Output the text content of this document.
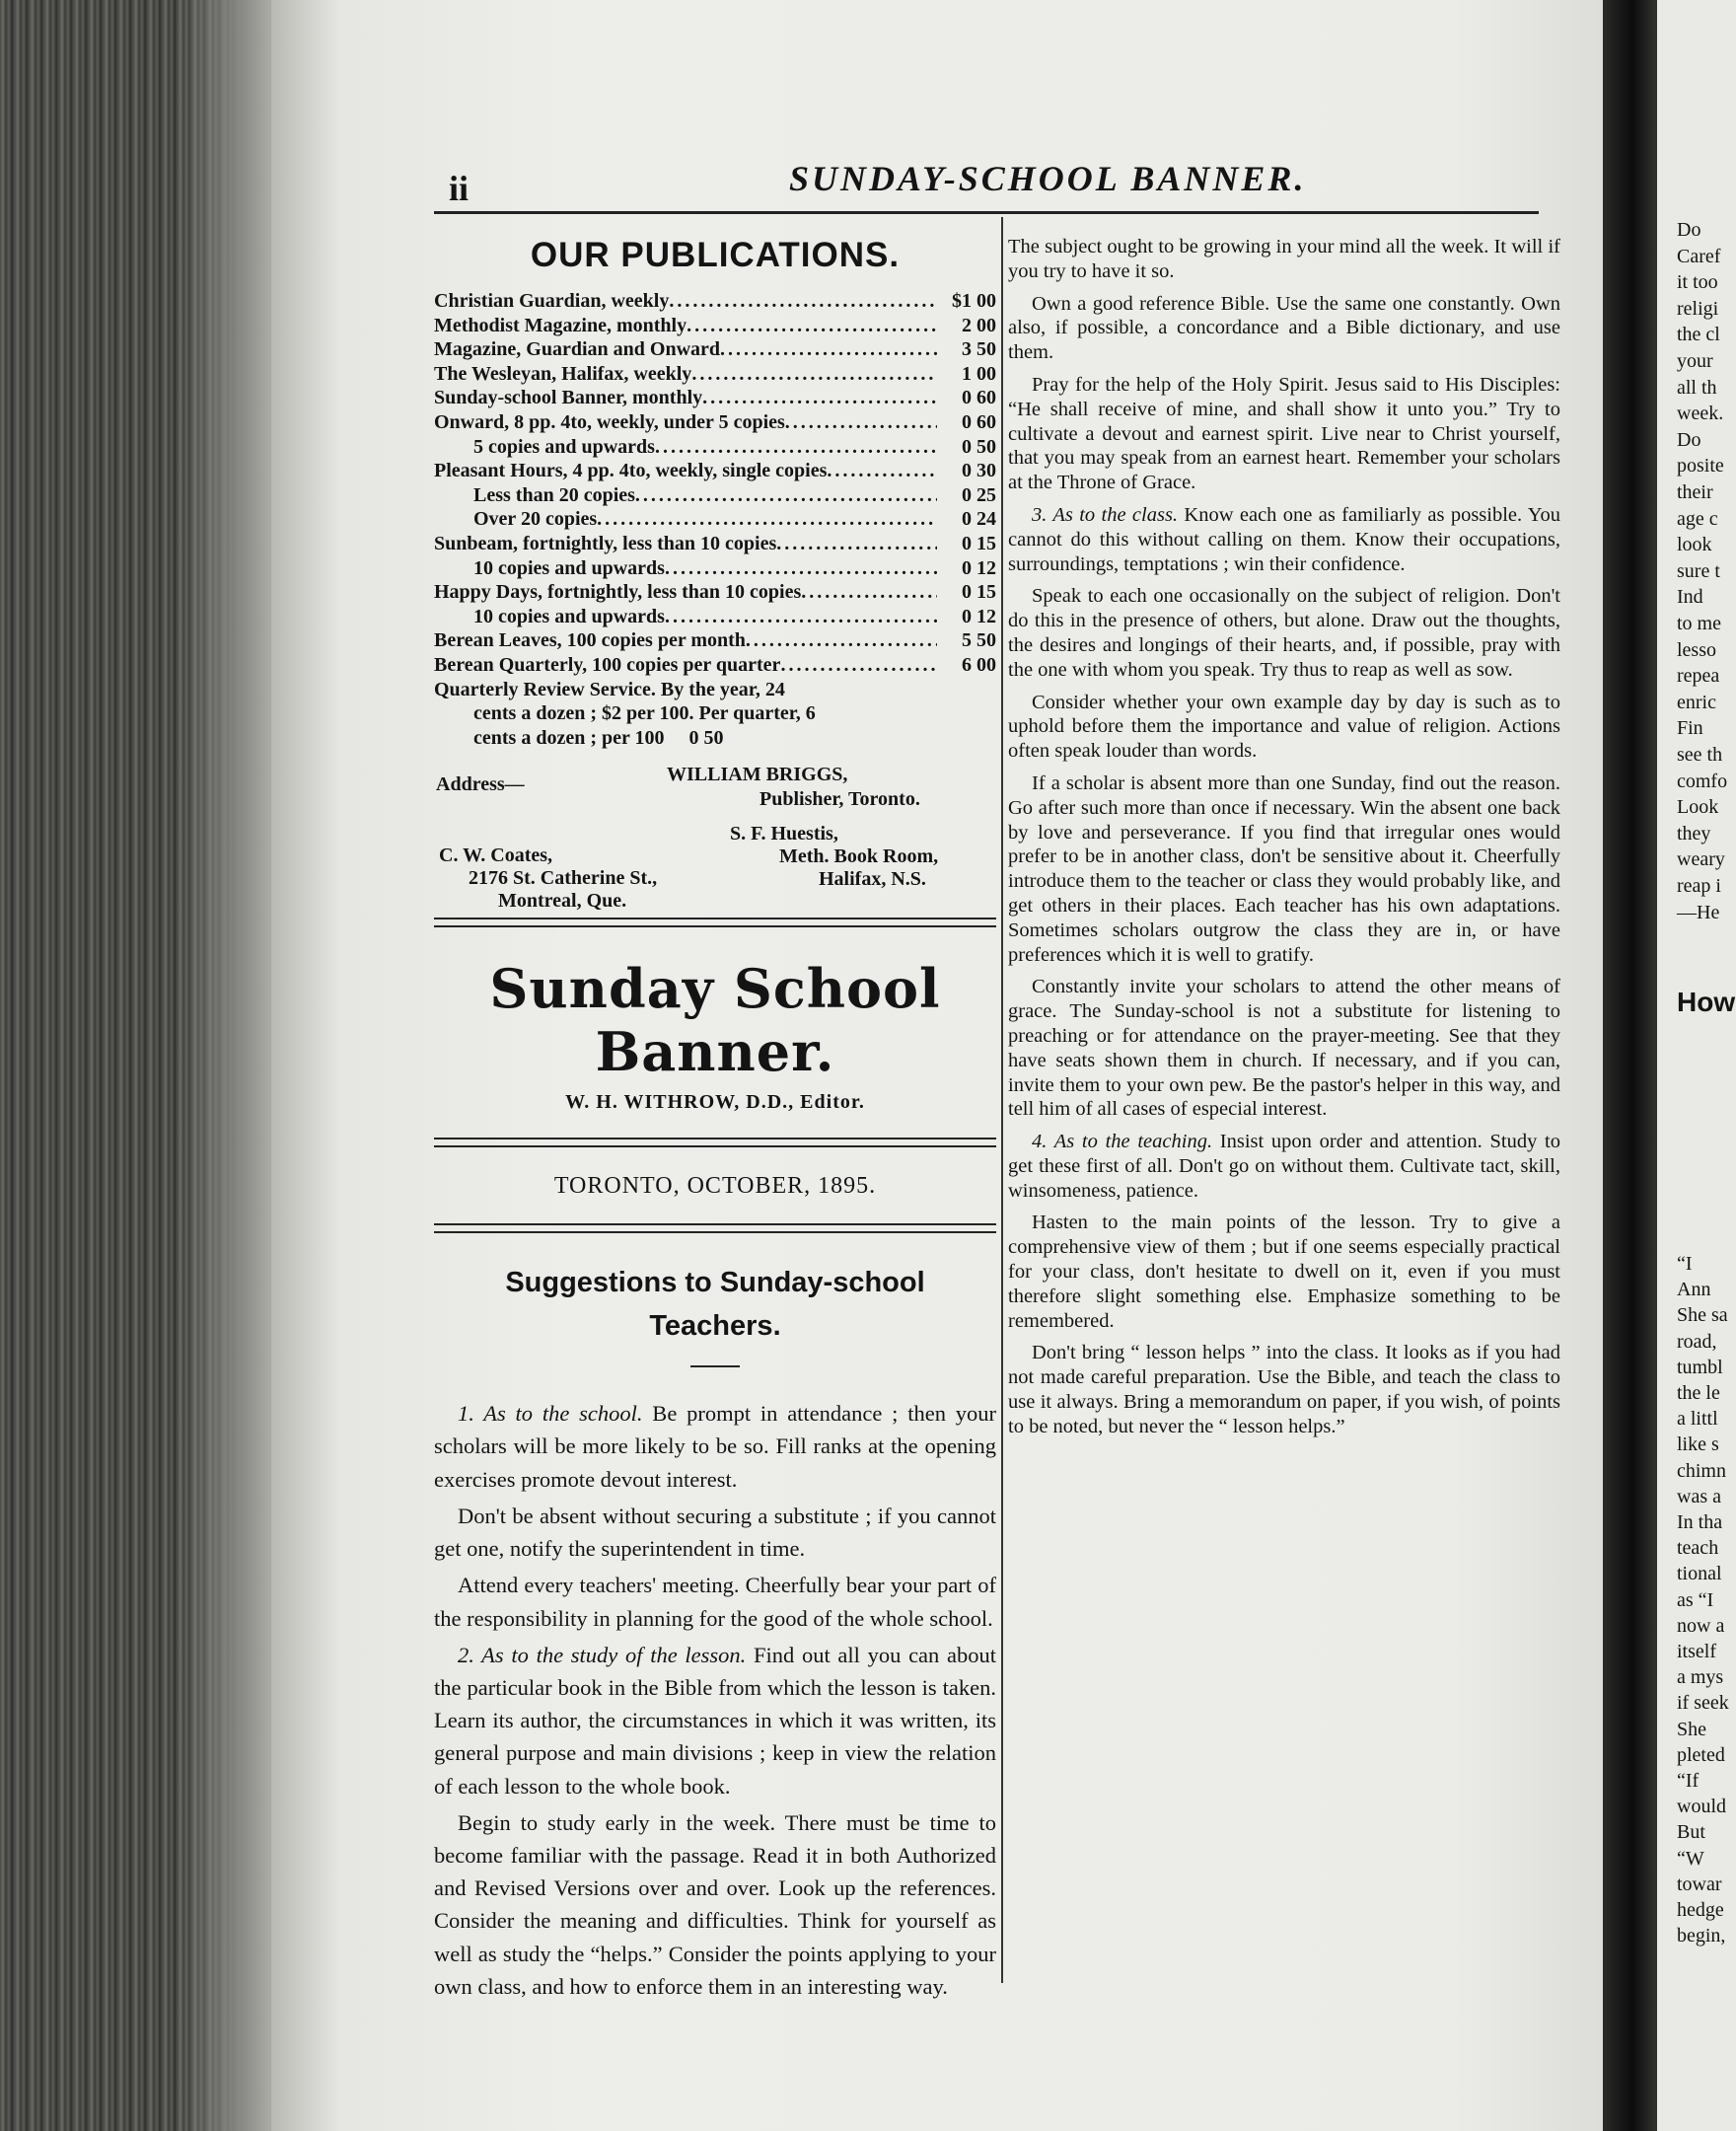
ii	SUNDAY-SCHOOL BANNER.
OUR PUBLICATIONS.
Christian Guardian, weekly .....	$1 00
Methodist Magazine, monthly .....	2 00
Magazine, Guardian and Onward .....	3 50
The Wesleyan, Halifax, weekly .....	1 00
Sunday-school Banner, monthly .....	0 60
Onward, 8 pp. 4to, weekly, under 5 copies .....	0 60
5 copies and upwards .....	0 50
Pleasant Hours, 4 pp. 4to, weekly, single copies .....	0 30
Less than 20 copies .....	0 25
Over 20 copies .....	0 24
Sunbeam, fortnightly, less than 10 copies .....	0 15
10 copies and upwards .....	0 12
Happy Days, fortnightly, less than 10 copies .....	0 15
10 copies and upwards .....	0 12
Berean Leaves, 100 copies per month .....	5 50
Berean Quarterly, 100 copies per quarter .....	6 00
Quarterly Review Service. By the year, 24
cents a dozen ; $2 per 100. Per quarter, 6
cents a dozen ; per 100	0 50
Address—	WILLIAM BRIGGS,
Publisher, Toronto.
C. W. Coates,
2176 St. Catherine St.,
Montreal, Que.
S. F. Huestis,
Meth. Book Room,
Halifax, N.S.
Sunday School Banner.
W. H. WITHROW, D.D., Editor.
TORONTO, OCTOBER, 1895.
Suggestions to Sunday-school
Teachers.

1. As to the school. Be prompt in attendance ; then your scholars will be more likely to be so. Fill ranks at the opening exercises promote devout interest.

Don't be absent without securing a substitute ; if you cannot get one, notify the superintendent in time.

Attend every teachers' meeting. Cheerfully bear your part of the responsibility in planning for the good of the whole school.

2. As to the study of the lesson. Find out all you can about the particular book in the Bible from which the lesson is taken. Learn its author, the circumstances in which it was written, its general purpose and main divisions ; keep in view the relation of each lesson to the whole book.

Begin to study early in the week. There must be time to become familiar with the passage. Read it in both Authorized and Revised Versions over and over. Look up the references. Consider the meaning and difficulties. Think for yourself as well as study the “helps.” Consider the points applying to your own class, and how to enforce them in an interesting way.

The subject ought to be growing in your mind all the week. It will if you try to have it so.

Own a good reference Bible. Use the same one constantly. Own also, if possible, a concordance and a Bible dictionary, and use them.

Pray for the help of the Holy Spirit. Jesus said to His Disciples: “He shall receive of mine, and shall show it unto you.” Try to cultivate a devout and earnest spirit. Live near to Christ yourself, that you may speak from an earnest heart. Remember your scholars at the Throne of Grace.

3. As to the class. Know each one as familiarly as possible. You cannot do this without calling on them. Know their occupations, surroundings, temptations ; win their confidence.

Speak to each one occasionally on the subject of religion. Don't do this in the presence of others, but alone. Draw out the thoughts, the desires and longings of their hearts, and, if possible, pray with the one with whom you speak. Try thus to reap as well as sow.

Consider whether your own example day by day is such as to uphold before them the importance and value of religion. Actions often speak louder than words.

If a scholar is absent more than one Sunday, find out the reason. Go after such more than once if necessary. Win the absent one back by love and perseverance. If you find that irregular ones would prefer to be in another class, don't be sensitive about it. Cheerfully introduce them to the teacher or class they would probably like, and get others in their places. Each teacher has his own adaptations. Sometimes scholars outgrow the class they are in, or have preferences which it is well to gratify.

Constantly invite your scholars to attend the other means of grace. The Sunday-school is not a substitute for listening to preaching or for attendance on the prayer-meeting. See that they have seats shown them in church. If necessary, and if you can, invite them to your own pew. Be the pastor's helper in this way, and tell him of all cases of especial interest.

4. As to the teaching. Insist upon order and attention. Study to get these first of all. Don't go on without them. Cultivate tact, skill, winsomeness, patience.

Hasten to the main points of the lesson. Try to give a comprehensive view of them ; but if one seems especially practical for your class, don't hesitate to dwell on it, even if you must therefore slight something else. Emphasize something to be remembered.

Don't bring “ lesson helps ” into the class. It looks as if you had not made careful preparation. Use the Bible, and teach the class to use it always. Bring a memorandum on paper, if you wish, of points to be noted, but never the “ lesson helps.”

Do
Caref
it too
religi
the cl
your
all th
week.
Do
posite
their
age c
look
sure t
Ind
to me
lesso
repea
enric
Fin
see th
comfo
Look
they
weary
reap i
—He
“I
Ann
She sa
road,
tumbl
the le
a littl
like s
chimn
was a
In tha
teach
tional
as “I
now a
itself
a mys
if seek
She
pleted
“If
would
But
“W
towar
hedge
begin,
How
